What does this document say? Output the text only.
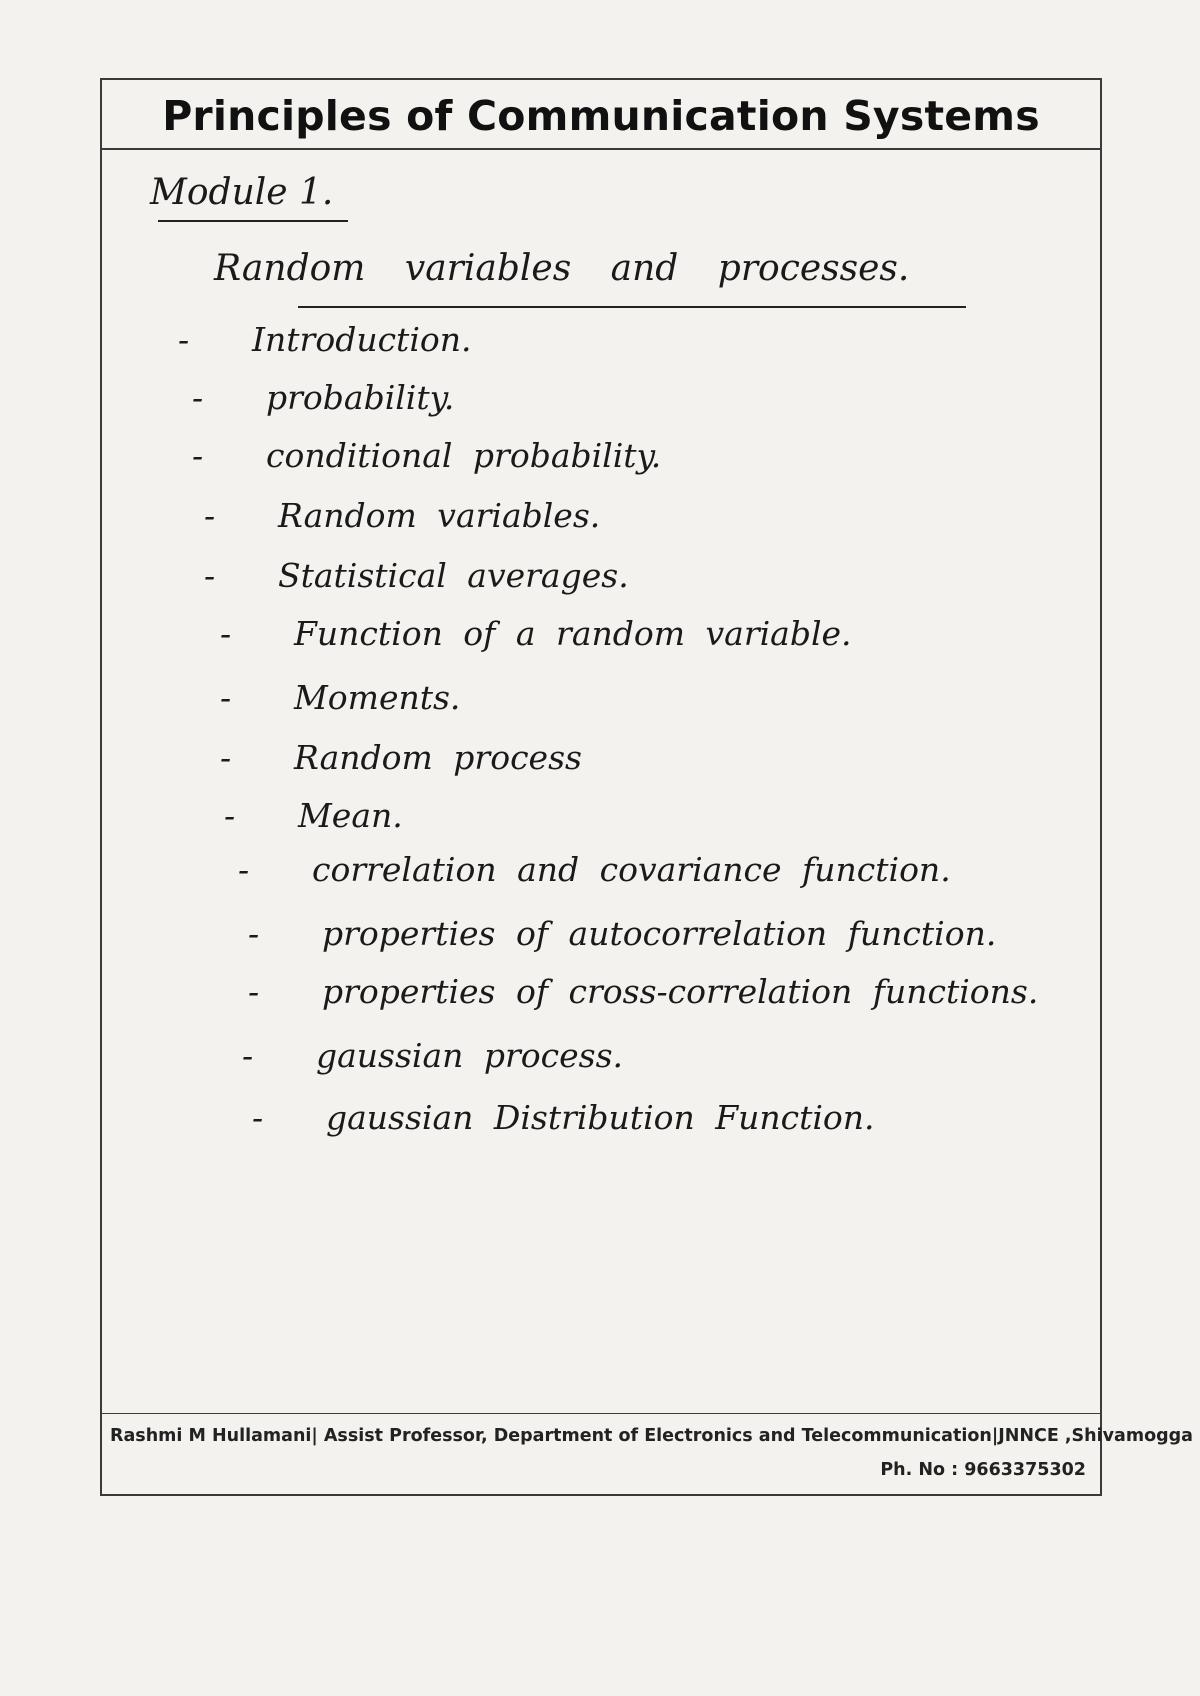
Principles of Communication Systems
Module 1.
Random variables and processes.
- Introduction.
- probability.
- conditional probability.
- Random variables.
- Statistical averages.
- Function of a random variable.
- Moments.
- Random process
- Mean.
- correlation and covariance function.
- properties of autocorrelation function.
- properties of cross-correlation functions.
- gaussian process.
- gaussian Distribution Function.
Rashmi M Hullamani| Assist Professor, Department of Electronics and Telecommunication|JNNCE ,Shivamogga
Ph. No : 9663375302
